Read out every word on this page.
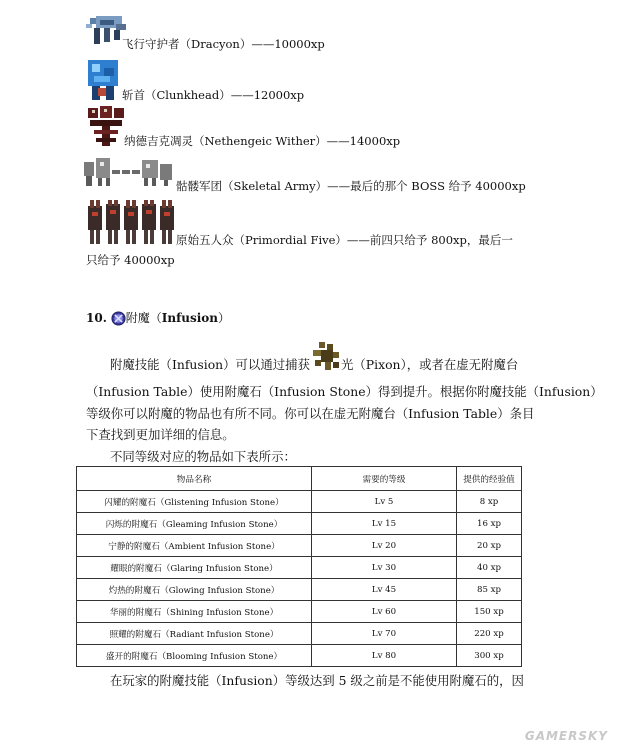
飞行守护者（Dracyon）——10000xp
斩首（Clunkhead）——12000xp
纳德吉克凋灵（Nethengeic Wither）——14000xp
骷髅军团（Skeletal Army）——最后的那个 BOSS 给予 40000xp
原始五人众（Primordial Five）——前四只给予 800xp，最后一
只给予 40000xp
10. 附魔（Infusion）
附魔技能（Infusion）可以通过捕获	光（Pixon），或者在虚无附魔台
（Infusion Table）使用附魔石（Infusion Stone）得到提升。根据你附魔技能（Infusion）
等级你可以附魔的物品也有所不同。你可以在虚无附魔台（Infusion Table）条目
下查找到更加详细的信息。
不同等级对应的物品如下表所示：
物品名称	需要的等级	提供的经验值
闪耀的附魔石（Glistening Infusion Stone）	Lv 5	8 xp
闪烁的附魔石（Gleaming Infusion Stone）	Lv 15	16 xp
宁静的附魔石（Ambient Infusion Stone）	Lv 20	20 xp
耀眼的附魔石（Glaring Infusion Stone）	Lv 30	40 xp
灼热的附魔石（Glowing Infusion Stone）	Lv 45	85 xp
华丽的附魔石（Shining Infusion Stone）	Lv 60	150 xp
照耀的附魔石（Radiant Infusion Stone）	Lv 70	220 xp
盛开的附魔石（Blooming Infusion Stone）	Lv 80	300 xp
在玩家的附魔技能（Infusion）等级达到 5 级之前是不能使用附魔石的，因
GAMERSKY
